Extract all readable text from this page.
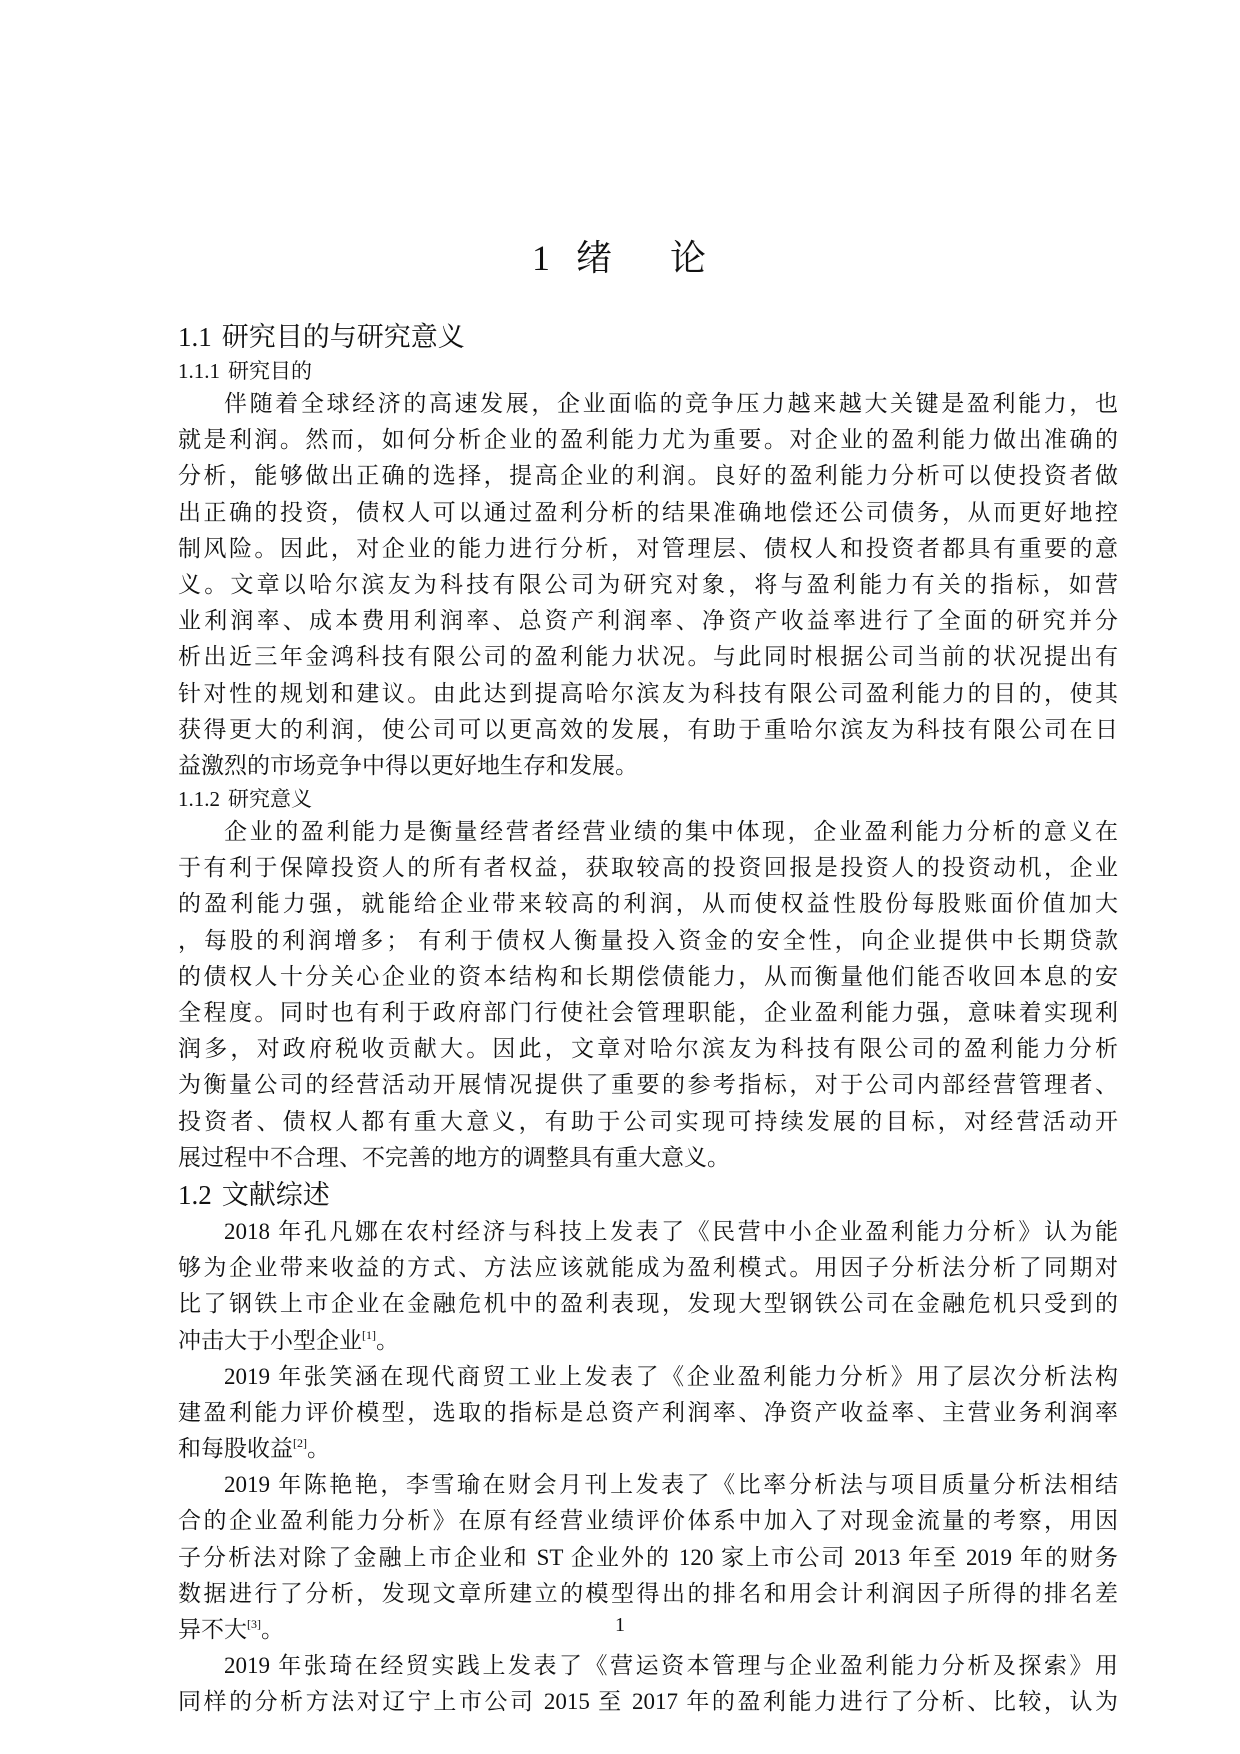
1 绪 论
1.1 研究目的与研究意义
1.1.1 研究目的
伴随着全球经济的高速发展，企业面临的竞争压力越来越大关键是盈利能力，也
就是利润。然而，如何分析企业的盈利能力尤为重要。对企业的盈利能力做出准确的
分析，能够做出正确的选择，提高企业的利润。良好的盈利能力分析可以使投资者做
出正确的投资，债权人可以通过盈利分析的结果准确地偿还公司债务，从而更好地控
制风险。因此，对企业的能力进行分析，对管理层、债权人和投资者都具有重要的意
义。文章以哈尔滨友为科技有限公司为研究对象，将与盈利能力有关的指标，如营
业利润率、成本费用利润率、总资产利润率、净资产收益率进行了全面的研究并分
析出近三年金鸿科技有限公司的盈利能力状况。与此同时根据公司当前的状况提出有
针对性的规划和建议。由此达到提高哈尔滨友为科技有限公司盈利能力的目的，使其
获得更大的利润，使公司可以更高效的发展，有助于重哈尔滨友为科技有限公司在日
益激烈的市场竞争中得以更好地生存和发展。
1.1.2 研究意义
企业的盈利能力是衡量经营者经营业绩的集中体现，企业盈利能力分析的意义在
于有利于保障投资人的所有者权益，获取较高的投资回报是投资人的投资动机，企业
的盈利能力强，就能给企业带来较高的利润，从而使权益性股份每股账面价值加大
，每股的利润增多； 有利于债权人衡量投入资金的安全性，向企业提供中长期贷款
的债权人十分关心企业的资本结构和长期偿债能力，从而衡量他们能否收回本息的安
全程度。同时也有利于政府部门行使社会管理职能，企业盈利能力强，意味着实现利
润多，对政府税收贡献大。因此，文章对哈尔滨友为科技有限公司的盈利能力分析
为衡量公司的经营活动开展情况提供了重要的参考指标，对于公司内部经营管理者、
投资者、债权人都有重大意义，有助于公司实现可持续发展的目标，对经营活动开
展过程中不合理、不完善的地方的调整具有重大意义。
1.2 文献综述
2018 年孔凡娜在农村经济与科技上发表了《民营中小企业盈利能力分析》认为能
够为企业带来收益的方式、方法应该就能成为盈利模式。用因子分析法分析了同期对
比了钢铁上市企业在金融危机中的盈利表现，发现大型钢铁公司在金融危机只受到的
冲击大于小型企业[1]。
2019 年张笑涵在现代商贸工业上发表了《企业盈利能力分析》用了层次分析法构
建盈利能力评价模型，选取的指标是总资产利润率、净资产收益率、主营业务利润率
和每股收益[2]。
2019 年陈艳艳，李雪瑜在财会月刊上发表了《比率分析法与项目质量分析法相结
合的企业盈利能力分析》在原有经营业绩评价体系中加入了对现金流量的考察，用因
子分析法对除了金融上市企业和 ST 企业外的 120 家上市公司 2013 年至 2019 年的财务
数据进行了分析，发现文章所建立的模型得出的排名和用会计利润因子所得的排名差
异不大[3]。
2019 年张琦在经贸实践上发表了《营运资本管理与企业盈利能力分析及探索》用
同样的分析方法对辽宁上市公司 2015 至 2017 年的盈利能力进行了分析、比较，认为
1
